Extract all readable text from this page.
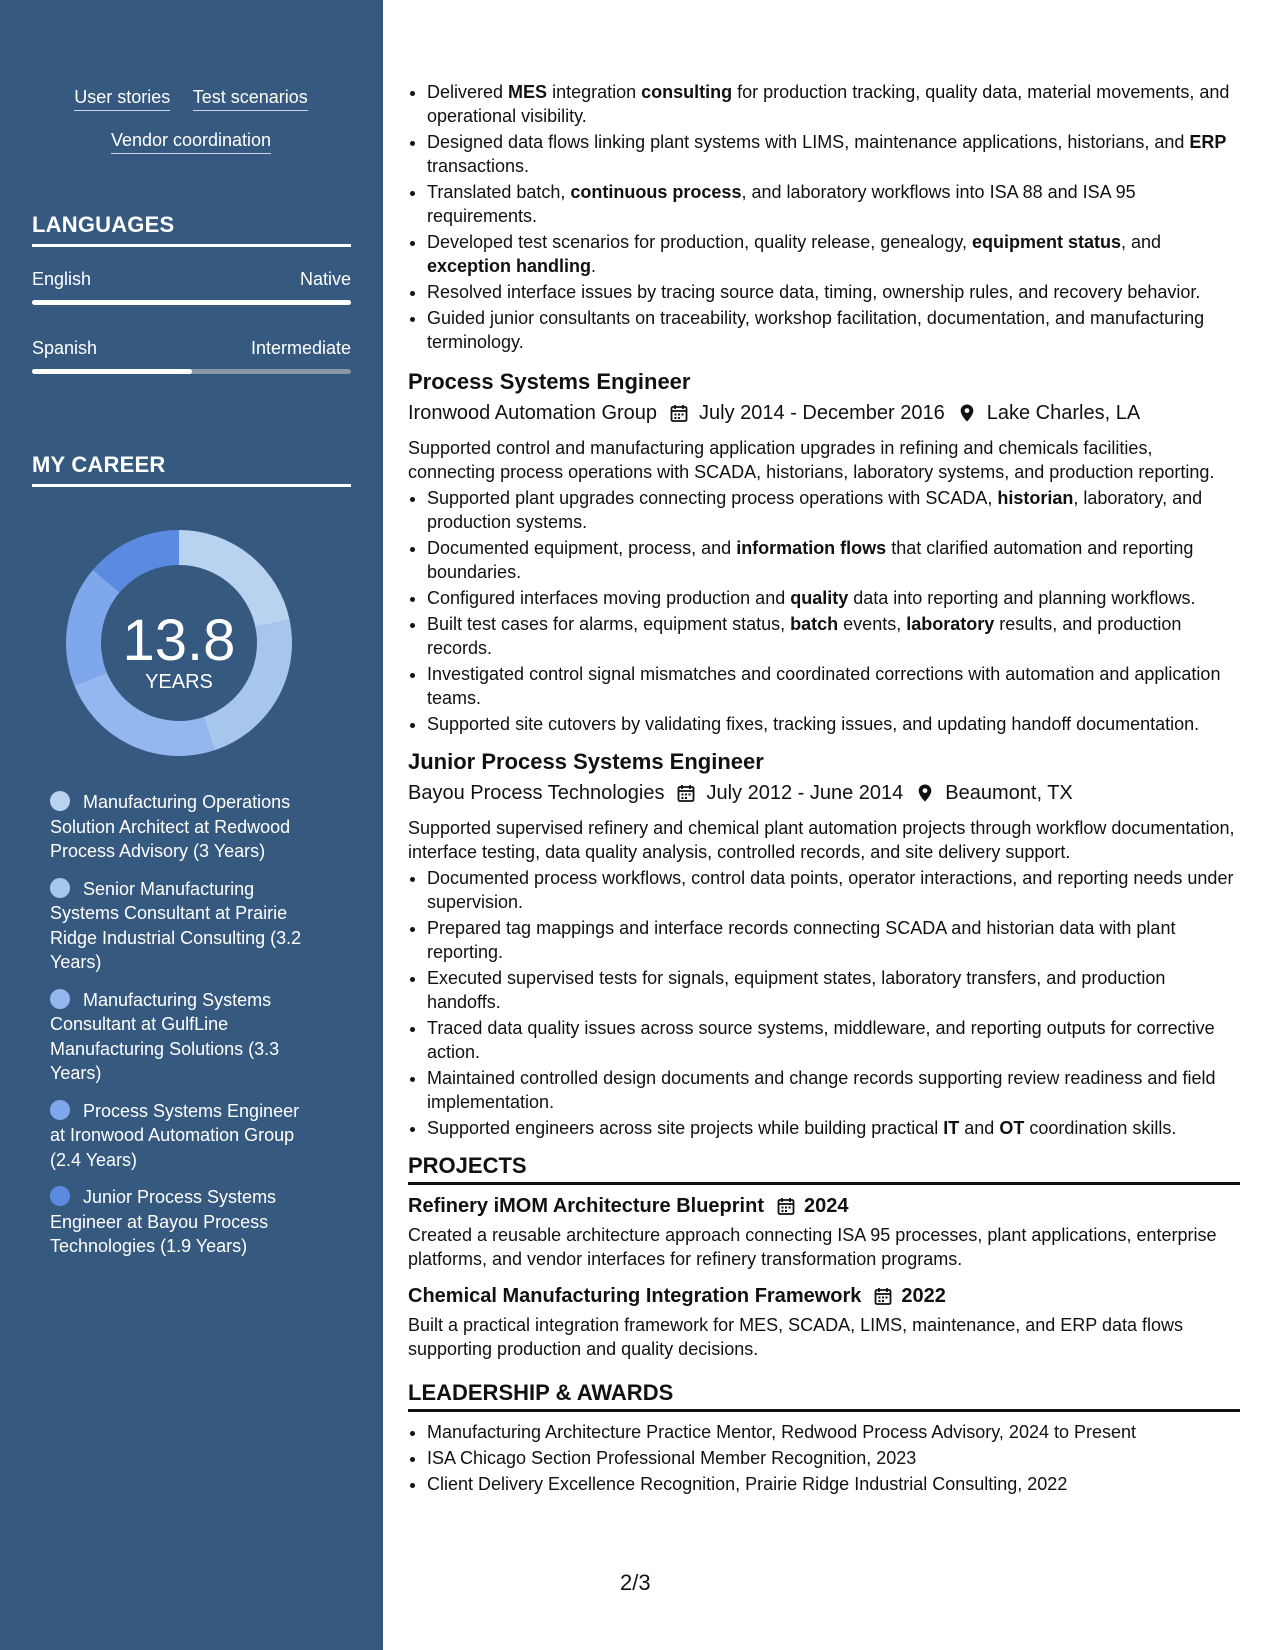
User stories Test scenarios
Vendor coordination
LANGUAGES
English	Native
Spanish	Intermediate
MY CAREER
13.8
YEARS
Manufacturing Operations Solution Architect at Redwood Process Advisory (3 Years)
Senior Manufacturing Systems Consultant at Prairie Ridge Industrial Consulting (3.2 Years)
Manufacturing Systems Consultant at GulfLine Manufacturing Solutions (3.3 Years)
Process Systems Engineer at Ironwood Automation Group (2.4 Years)
Junior Process Systems Engineer at Bayou Process Technologies (1.9 Years)
• Delivered MES integration consulting for production tracking, quality data, material movements, and operational visibility.
• Designed data flows linking plant systems with LIMS, maintenance applications, historians, and ERP transactions.
• Translated batch, continuous process, and laboratory workflows into ISA 88 and ISA 95 requirements.
• Developed test scenarios for production, quality release, genealogy, equipment status, and exception handling.
• Resolved interface issues by tracing source data, timing, ownership rules, and recovery behavior.
• Guided junior consultants on traceability, workshop facilitation, documentation, and manufacturing terminology.
Process Systems Engineer
Ironwood Automation Group July 2014 - December 2016 Lake Charles, LA

Supported control and manufacturing application upgrades in refining and chemicals facilities, connecting process operations with SCADA, historians, laboratory systems, and production reporting.

• Supported plant upgrades connecting process operations with SCADA, historian, laboratory, and production systems.
• Documented equipment, process, and information flows that clarified automation and reporting boundaries.
• Configured interfaces moving production and quality data into reporting and planning workflows.
• Built test cases for alarms, equipment status, batch events, laboratory results, and production records.
• Investigated control signal mismatches and coordinated corrections with automation and application teams.
• Supported site cutovers by validating fixes, tracking issues, and updating handoff documentation.
Junior Process Systems Engineer
Bayou Process Technologies July 2012 - June 2014 Beaumont, TX

Supported supervised refinery and chemical plant automation projects through workflow documentation, interface testing, data quality analysis, controlled records, and site delivery support.

• Documented process workflows, control data points, operator interactions, and reporting needs under supervision.
• Prepared tag mappings and interface records connecting SCADA and historian data with plant reporting.
• Executed supervised tests for signals, equipment states, laboratory transfers, and production handoffs.
• Traced data quality issues across source systems, middleware, and reporting outputs for corrective action.
• Maintained controlled design documents and change records supporting review readiness and field implementation.
• Supported engineers across site projects while building practical IT and OT coordination skills.
PROJECTS
Refinery iMOM Architecture Blueprint 2024

Created a reusable architecture approach connecting ISA 95 processes, plant applications, enterprise platforms, and vendor interfaces for refinery transformation programs.

Chemical Manufacturing Integration Framework 2022

Built a practical integration framework for MES, SCADA, LIMS, maintenance, and ERP data flows supporting production and quality decisions.

LEADERSHIP & AWARDS
• Manufacturing Architecture Practice Mentor, Redwood Process Advisory, 2024 to Present
• ISA Chicago Section Professional Member Recognition, 2023
• Client Delivery Excellence Recognition, Prairie Ridge Industrial Consulting, 2022
2/3
